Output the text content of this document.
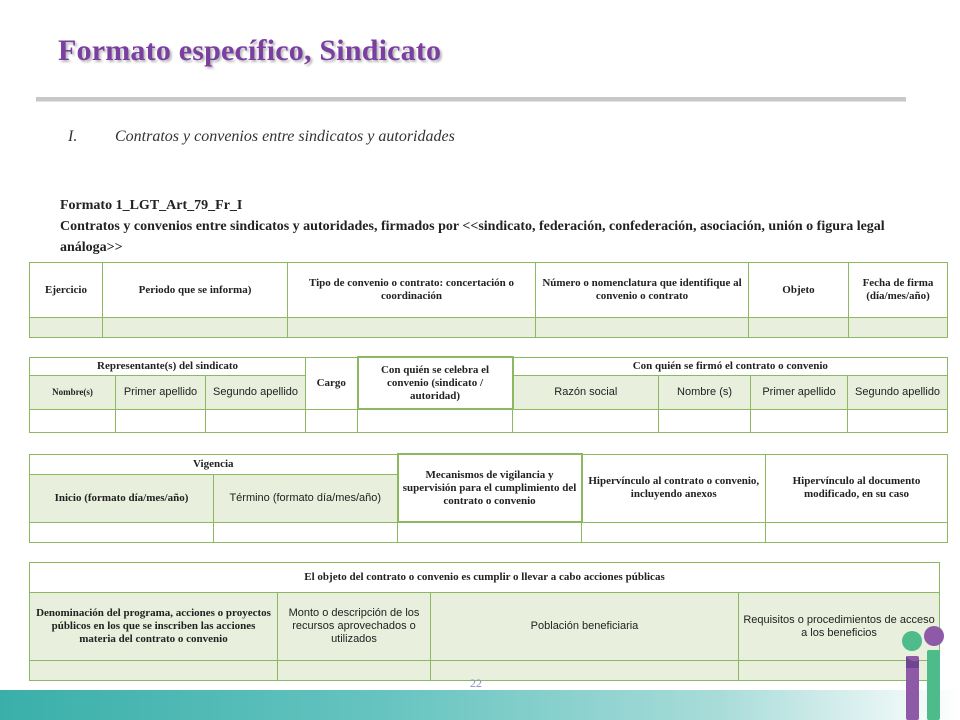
Formato específico, Sindicato
I. Contratos y convenios entre sindicatos y autoridades
Formato 1_LGT_Art_79_Fr_I
Contratos y convenios entre sindicatos y autoridades, firmados por <<sindicato, federación, confederación, asociación, unión o figura legal análoga>>
Ejercicio	Periodo que se informa)	Tipo de convenio o contrato: concertación o coordinación	Número o nomenclatura que identifique al convenio o contrato	Objeto	Fecha de firma (día/mes/año)

Representante(s) del sindicato			Cargo	Con quién se celebra el convenio (sindicato / autoridad)	Con quién se firmó el contrato o convenio			
Nombre(s)	Primer apellido	Segundo apellido			Razón social	Nombre (s)	Primer apellido	Segundo apellido

Vigencia		Mecanismos de vigilancia y supervisión para el cumplimiento del contrato o convenio	Hipervínculo al contrato o convenio, incluyendo anexos	Hipervínculo al documento modificado, en su caso
Inicio (formato día/mes/año)	Término (formato día/mes/año)			

El objeto del contrato o convenio es cumplir o llevar a cabo acciones públicas			
Denominación del programa, acciones o proyectos públicos en los que se inscriben las acciones materia del contrato o convenio	Monto o descripción de los recursos aprovechados o utilizados	Población beneficiaria	Requisitos o procedimientos de acceso a los beneficios

22
